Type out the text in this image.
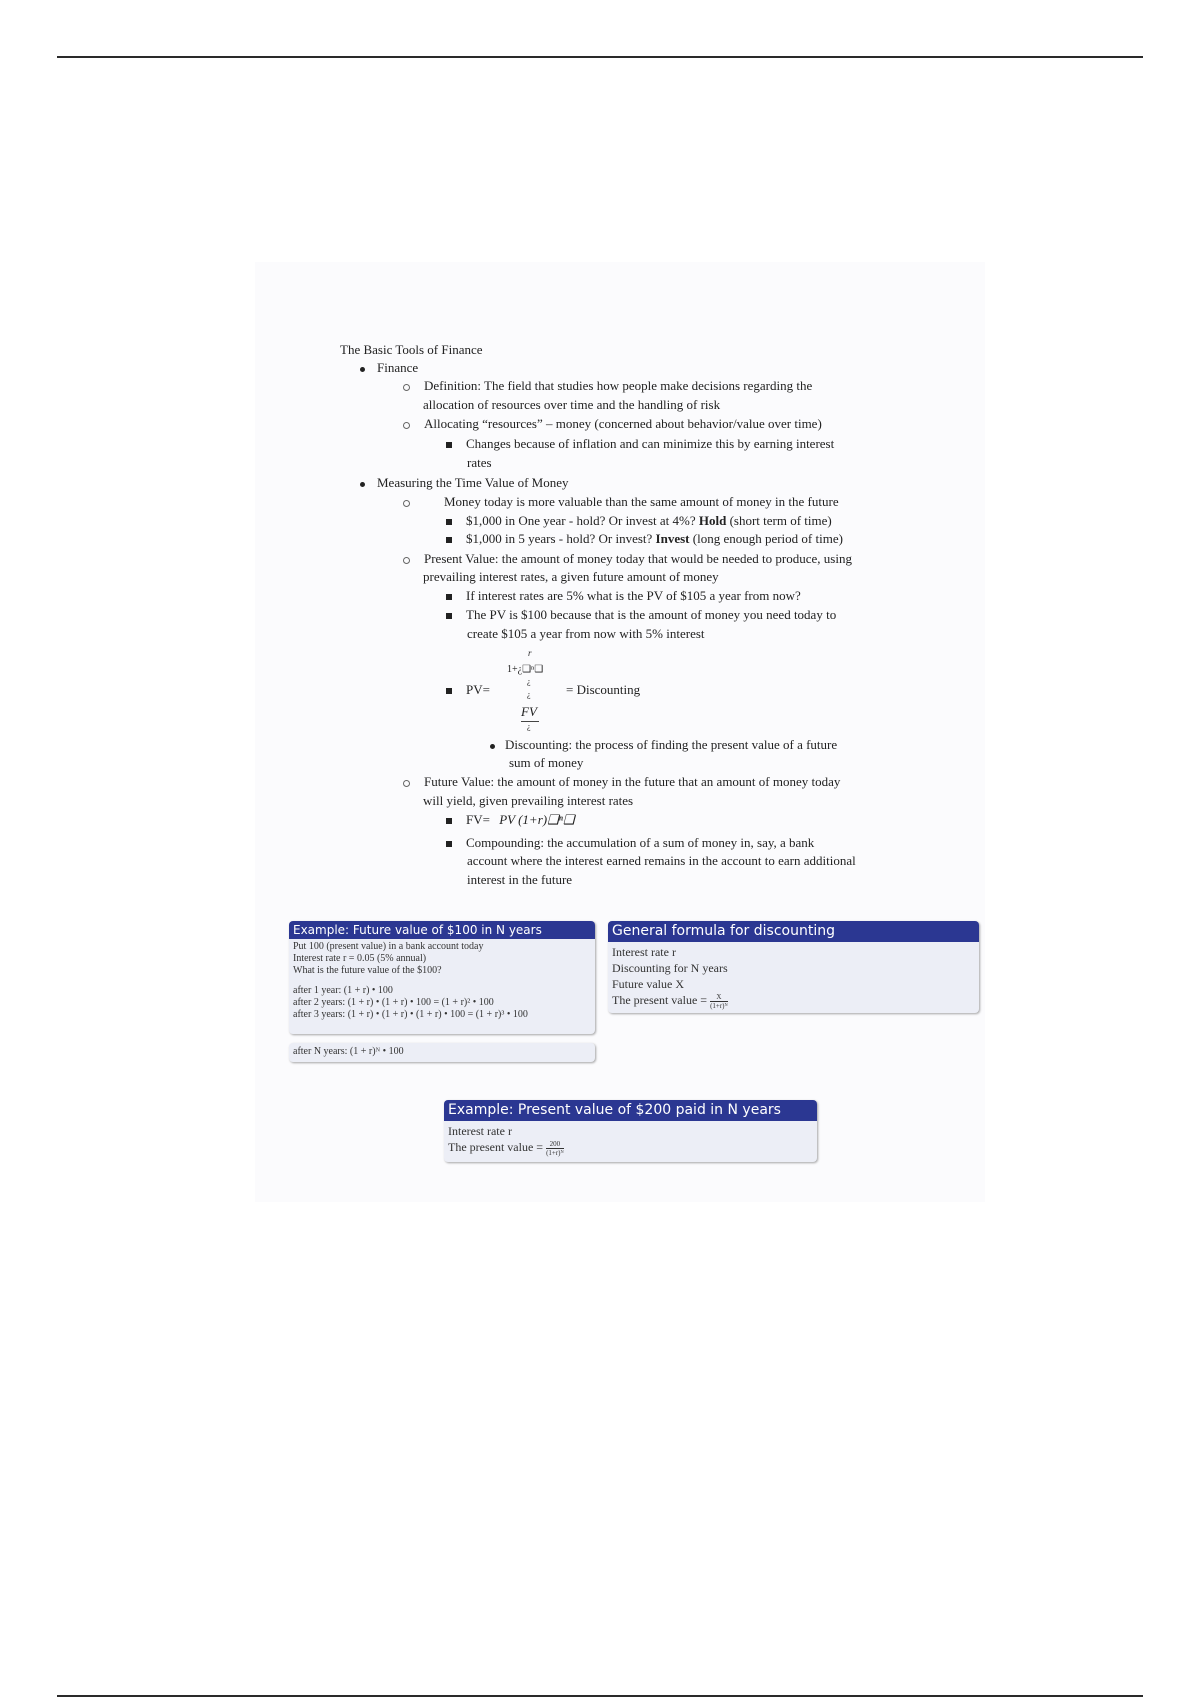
The Basic Tools of Finance
Finance
Definition: The field that studies how people make decisions regarding the
allocation of resources over time and the handling of risk
Allocating “resources” – money (concerned about behavior/value over time)
Changes because of inflation and can minimize this by earning interest
rates
Measuring the Time Value of Money
Money today is more valuable than the same amount of money in the future
$1,000 in One year - hold? Or invest at 4%? Hold (short term of time)
$1,000 in 5 years - hold? Or invest? Invest (long enough period of time)
Present Value: the amount of money today that would be needed to produce, using
prevailing interest rates, a given future amount of money
If interest rates are 5% what is the PV of $105 a year from now?
The PV is $100 because that is the amount of money you need today to
create $105 a year from now with 5% interest
r
1+¿❑ⁿ❑
¿
PV=	¿	= Discounting
FV
¿
Discounting: the process of finding the present value of a future
sum of money
Future Value: the amount of money in the future that an amount of money today
will yield, given prevailing interest rates
FV= PV (1+r)❑ⁿ❑
Compounding: the accumulation of a sum of money in, say, a bank
account where the interest earned remains in the account to earn additional
interest in the future
Example: Future value of $100 in N years
Put 100 (present value) in a bank account today
Interest rate r = 0.05 (5% annual)
What is the future value of the $100?
after 1 year: (1 + r) • 100
after 2 years: (1 + r) • (1 + r) • 100 = (1 + r)² • 100
after 3 years: (1 + r) • (1 + r) • (1 + r) • 100 = (1 + r)³ • 100
after N years: (1 + r)ᴺ • 100
General formula for discounting
Interest rate r
Discounting for N years
Future value X
The present value = $\frac{X}{\text{(1+r)ᴺ}}$
Example: Present value of $200 paid in N years
Interest rate r
The present value = $\frac{200}{\text{(1+r)ᴺ}}$
